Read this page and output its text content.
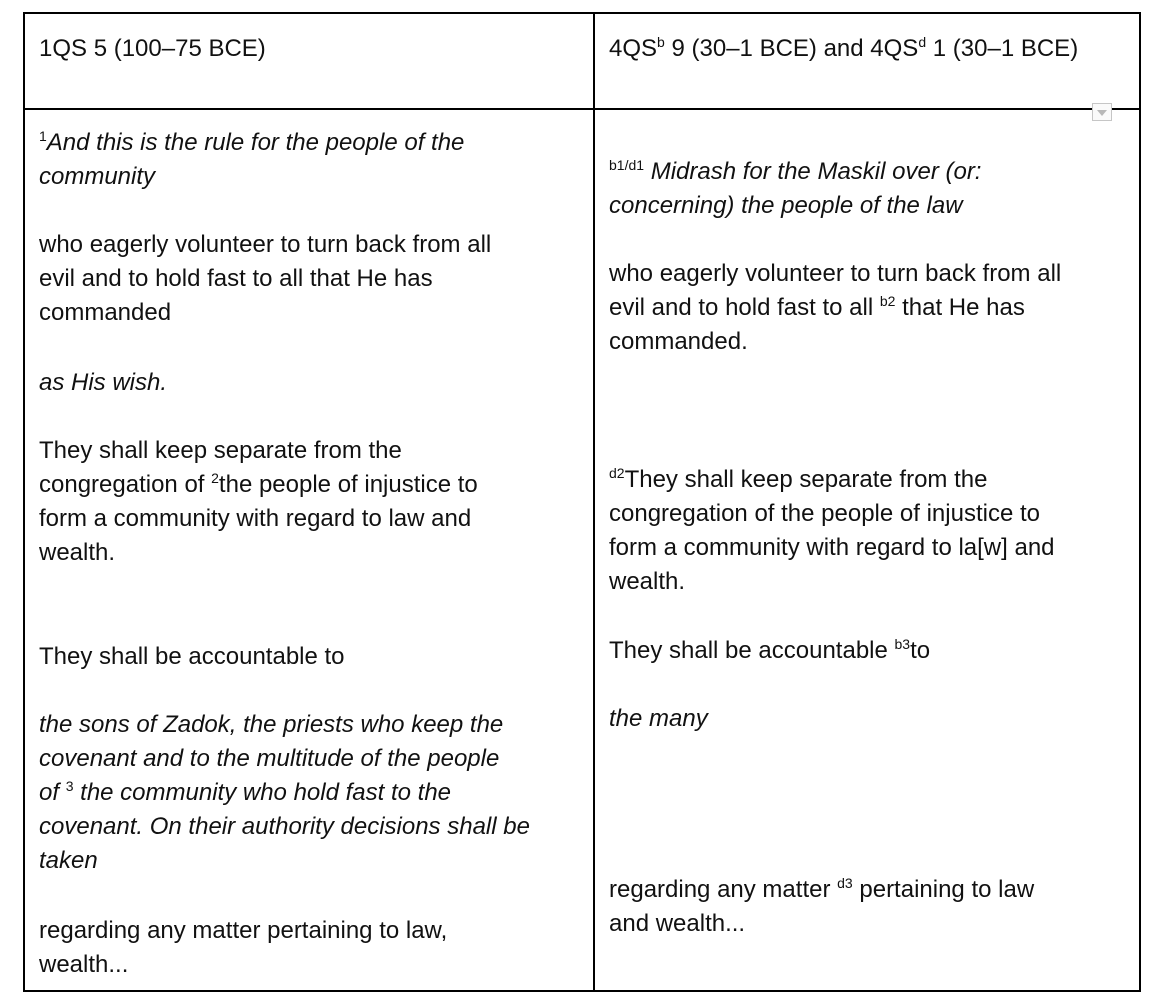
1QS 5 (100–75 BCE)	$4QS^b$ 9 (30–1 BCE) and $4QS^d$ 1 (30–1 BCE)
$^1$And this is the rule for the people of the
community
who eagerly volunteer to turn back from all
evil and to hold fast to all that He has
commanded
as His wish.
They shall keep separate from the
congregation of $^2$the people of injustice to
form a community with regard to law and
wealth.
They shall be accountable to
the sons of Zadok, the priests who keep the
covenant and to the multitude of the people
of $^3$ the community who hold fast to the
covenant. On their authority decisions shall be
taken
regarding any matter pertaining to law,
wealth...
$^{b1/d1}$ Midrash for the Maskil over (or:
concerning) the people of the law
who eagerly volunteer to turn back from all
evil and to hold fast to all $^{b2}$ that He has
commanded.
$^{d2}$They shall keep separate from the
congregation of the people of injustice to
form a community with regard to la[w] and
wealth.
They shall be accountable $^{b3}$to
the many
regarding any matter $^{d3}$ pertaining to law
and wealth...
